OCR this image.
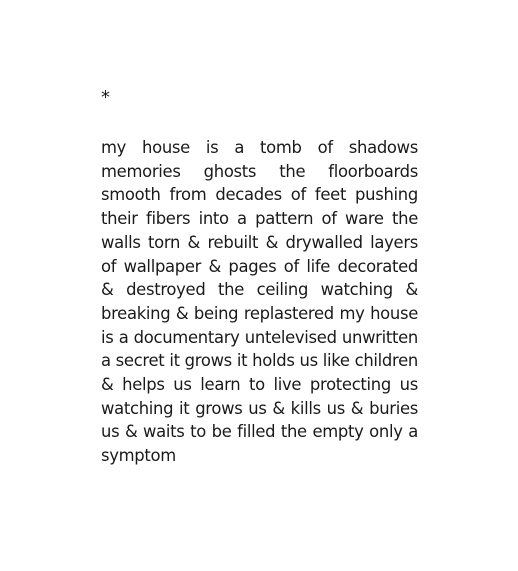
*

my house is a tomb of shadows memories ghosts the floorboards smooth from decades of feet pushing their fibers into a pattern of ware the walls torn & rebuilt & drywalled layers of wallpaper & pages of life decorated & destroyed the ceiling watching & breaking & being replastered my house is a documentary untelevised unwritten a secret it grows it holds us like children & helps us learn to live protecting us watching it grows us & kills us & buries us & waits to be filled the empty only a symptom
